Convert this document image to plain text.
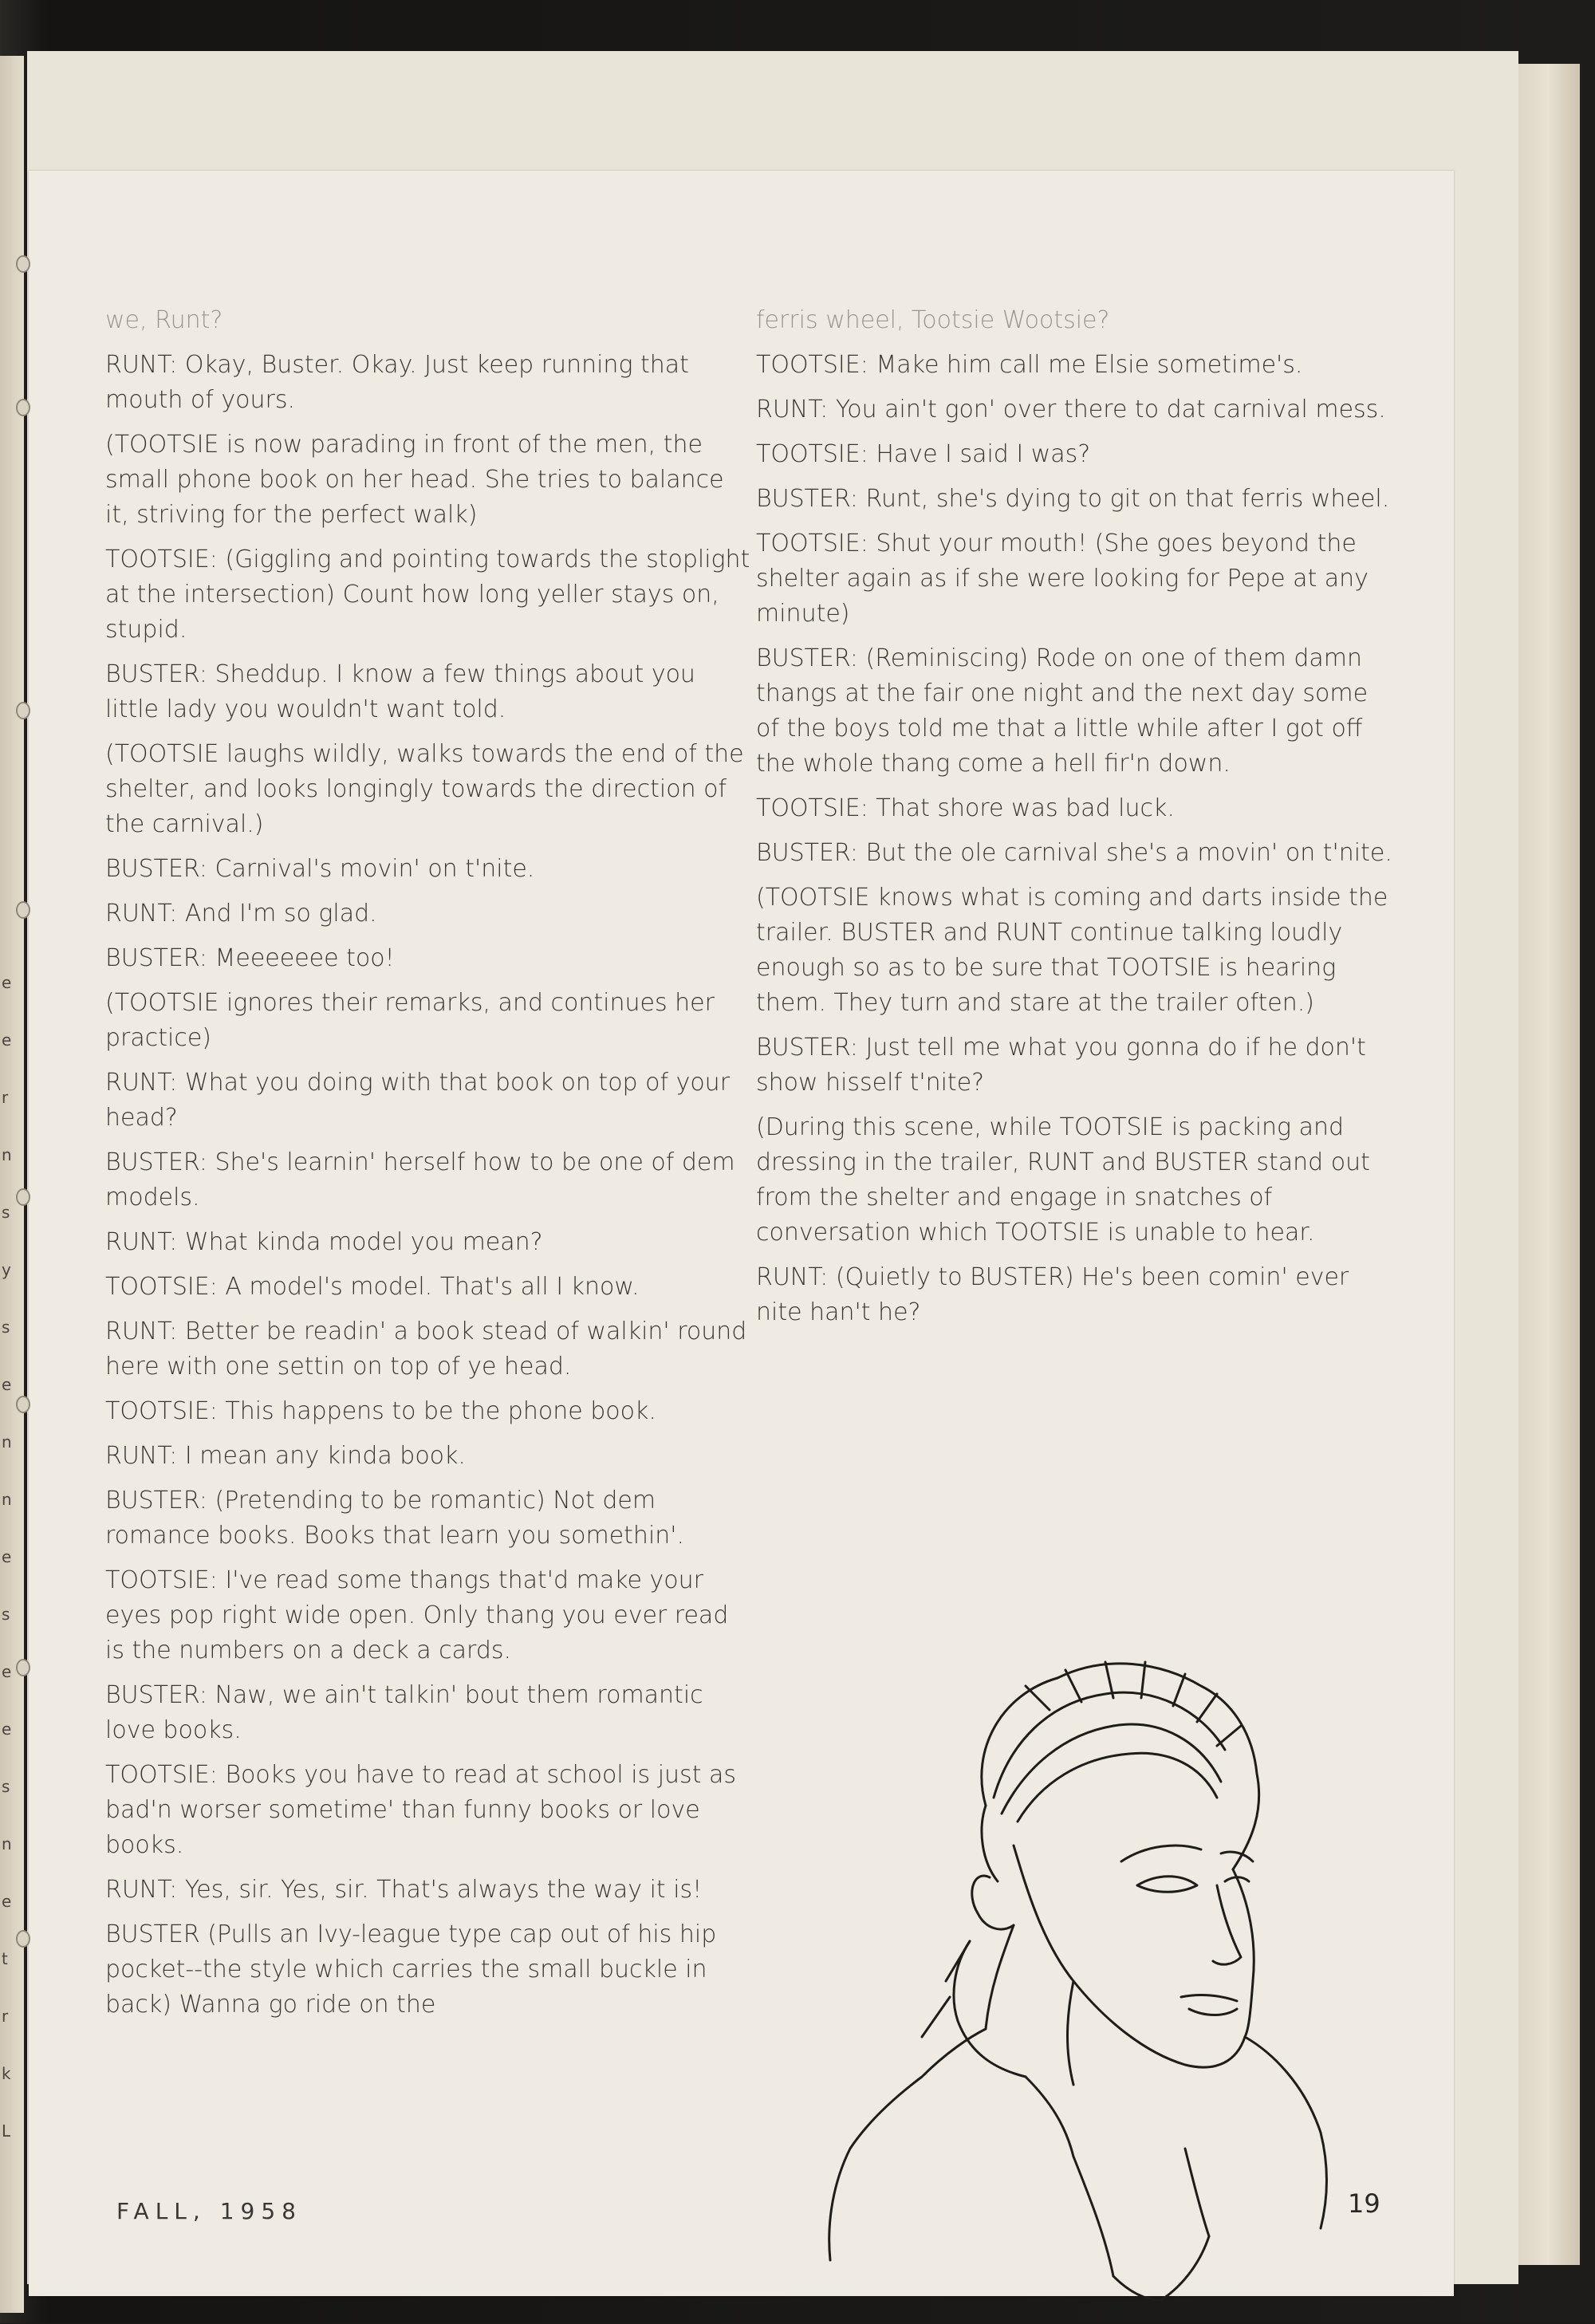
e
e
r
n
s
y
s
e
n
n
e
s
e
e
s
n
e
t
r
k
L

we, Runt?

RUNT: Okay, Buster. Okay. Just keep running that mouth of yours.

(TOOTSIE is now parading in front of the men, the small phone book on her head. She tries to balance it, striving for the perfect walk)

TOOTSIE: (Giggling and pointing towards the stoplight at the intersection) Count how long yeller stays on, stupid.

BUSTER: Sheddup. I know a few things about you little lady you wouldn't want told.

(TOOTSIE laughs wildly, walks towards the end of the shelter, and looks longingly towards the direction of the carnival.)

BUSTER: Carnival's movin' on t'nite.

RUNT: And I'm so glad.

BUSTER: Meeeeeee too!

(TOOTSIE ignores their remarks, and continues her practice)

RUNT: What you doing with that book on top of your head?

BUSTER: She's learnin' herself how to be one of dem models.

RUNT: What kinda model you mean?

TOOTSIE: A model's model. That's all I know.

RUNT: Better be readin' a book stead of walkin' round here with one settin on top of ye head.

TOOTSIE: This happens to be the phone book.

RUNT: I mean any kinda book.

BUSTER: (Pretending to be romantic) Not dem romance books. Books that learn you somethin'.

TOOTSIE: I've read some thangs that'd make your eyes pop right wide open. Only thang you ever read is the numbers on a deck a cards.

BUSTER: Naw, we ain't talkin' bout them romantic love books.

TOOTSIE: Books you have to read at school is just as bad'n worser sometime' than funny books or love books.

RUNT: Yes, sir. Yes, sir. That's always the way it is!

BUSTER (Pulls an Ivy-league type cap out of his hip pocket--the style which carries the small buckle in back) Wanna go ride on the

ferris wheel, Tootsie Wootsie?

TOOTSIE: Make him call me Elsie sometime's.

RUNT: You ain't gon' over there to dat carnival mess.

TOOTSIE: Have I said I was?

BUSTER: Runt, she's dying to git on that ferris wheel.

TOOTSIE: Shut your mouth! (She goes beyond the shelter again as if she were looking for Pepe at any minute)

BUSTER: (Reminiscing) Rode on one of them damn thangs at the fair one night and the next day some of the boys told me that a little while after I got off the whole thang come a hell fir'n down.

TOOTSIE: That shore was bad luck.

BUSTER: But the ole carnival she's a movin' on t'nite.

(TOOTSIE knows what is coming and darts inside the trailer. BUSTER and RUNT continue talking loudly enough so as to be sure that TOOTSIE is hearing them. They turn and stare at the trailer often.)

BUSTER: Just tell me what you gonna do if he don't show hisself t'nite?

(During this scene, while TOOTSIE is packing and dressing in the trailer, RUNT and BUSTER stand out from the shelter and engage in snatches of conversation which TOOTSIE is unable to hear.

RUNT: (Quietly to BUSTER) He's been comin' ever nite han't he?

FALL, 1958	19
